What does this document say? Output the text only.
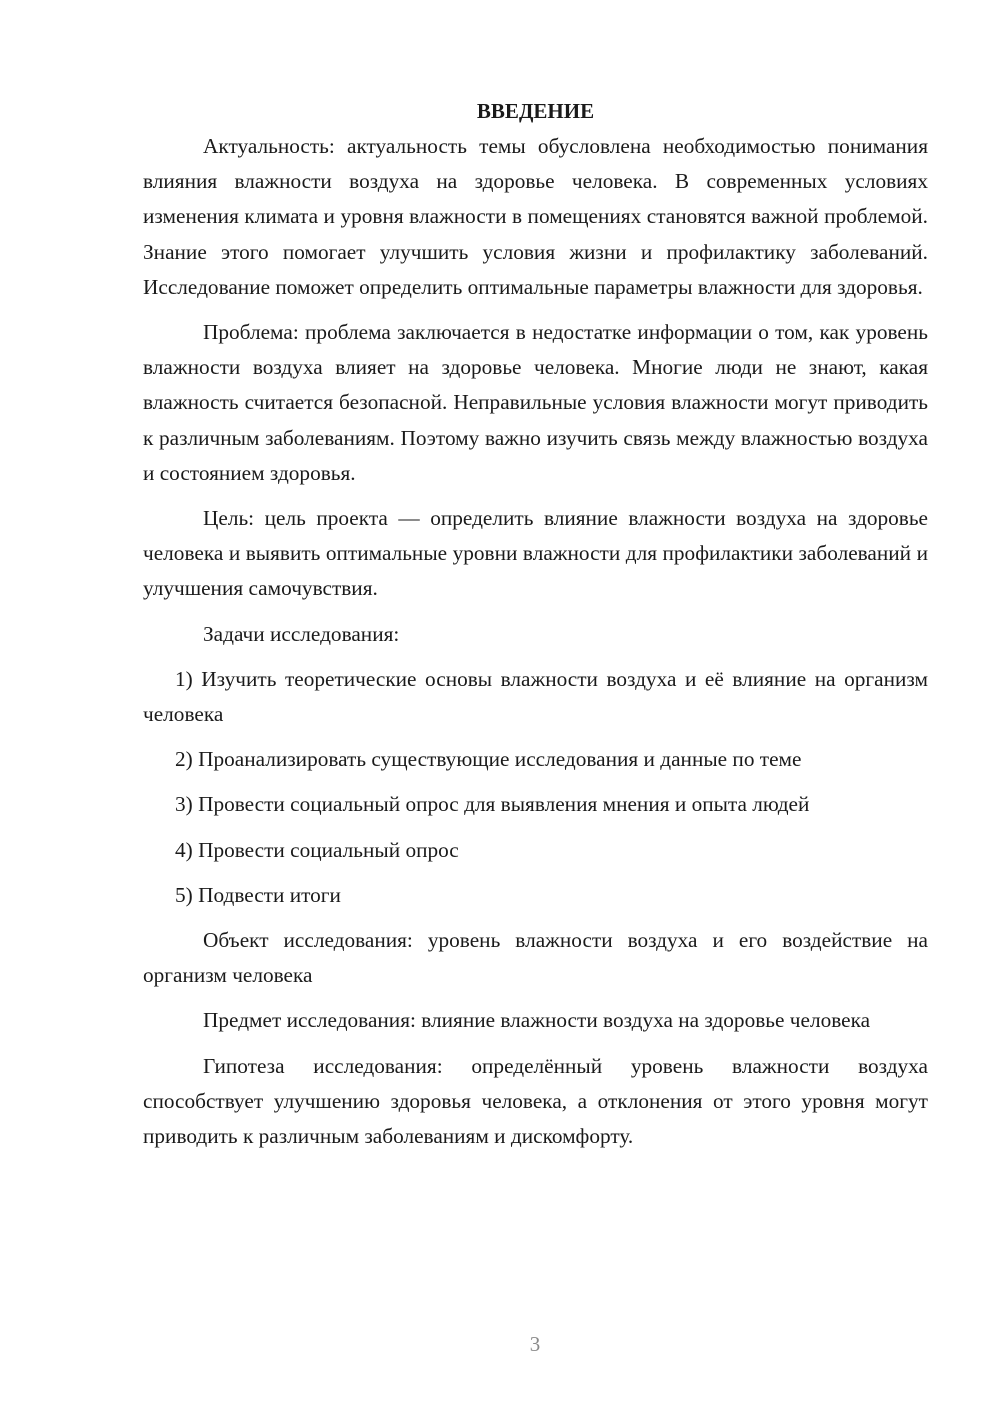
ВВЕДЕНИЕ

Актуальность: актуальность темы обусловлена необходимостью понимания влияния влажности воздуха на здоровье человека. В современных условиях изменения климата и уровня влажности в помещениях становятся важной проблемой. Знание этого помогает улучшить условия жизни и профилактику заболеваний. Исследование поможет определить оптимальные параметры влажности для здоровья.

Проблема: проблема заключается в недостатке информации о том, как уровень влажности воздуха влияет на здоровье человека. Многие люди не знают, какая влажность считается безопасной. Неправильные условия влажности могут приводить к различным заболеваниям. Поэтому важно изучить связь между влажностью воздуха и состоянием здоровья.

Цель: цель проекта — определить влияние влажности воздуха на здоровье человека и выявить оптимальные уровни влажности для профилактики заболеваний и улучшения самочувствия.

Задачи исследования:

1) Изучить теоретические основы влажности воздуха и её влияние на организм человека

2) Проанализировать существующие исследования и данные по теме

3) Провести социальный опрос для выявления мнения и опыта людей

4) Провести социальный опрос

5) Подвести итоги

Объект исследования: уровень влажности воздуха и его воздействие на организм человека

Предмет исследования: влияние влажности воздуха на здоровье человека

Гипотеза исследования: определённый уровень влажности воздуха способствует улучшению здоровья человека, а отклонения от этого уровня могут приводить к различным заболеваниям и дискомфорту.

3
